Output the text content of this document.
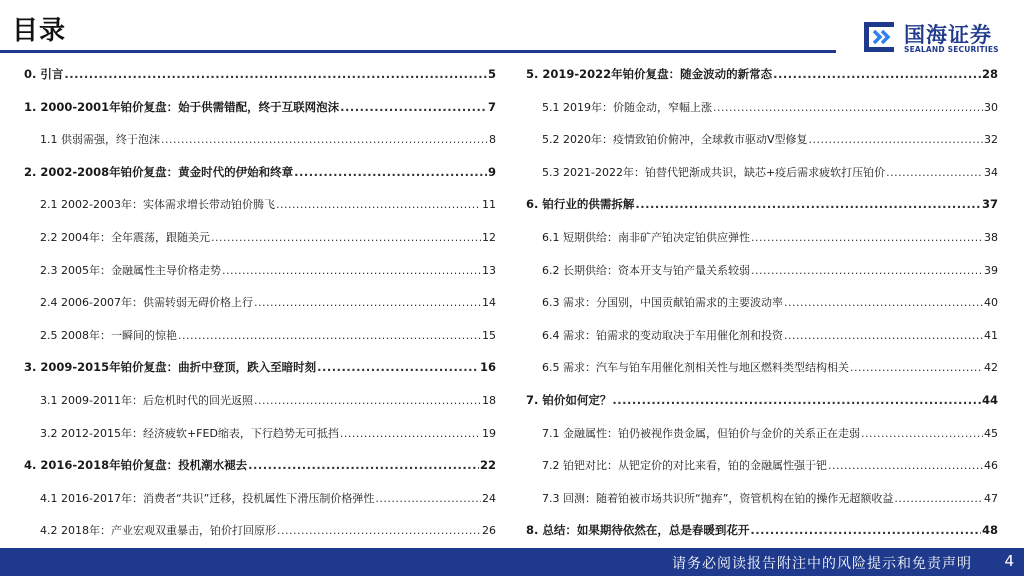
目录	国海证券
SEALAND SECURITIES
0. 引言 .....	5
1. 2000-2001年铂价复盘：始于供需错配，终于互联网泡沫 .....	7
1.1 供弱需强，终于泡沫 .....	8
2. 2002-2008年铂价复盘：黄金时代的伊始和终章 .....	9
2.1 2002-2003年：实体需求增长带动铂价腾飞 .....	11
2.2 2004年：全年震荡，跟随美元 .....	12
2.3 2005年：金融属性主导价格走势 .....	13
2.4 2006-2007年：供需转弱无碍价格上行 .....	14
2.5 2008年：一瞬间的惊艳 .....	15
3. 2009-2015年铂价复盘：曲折中登顶，跌入至暗时刻 .....	16
3.1 2009-2011年：后危机时代的回光返照 .....	18
3.2 2012-2015年：经济疲软+FED缩表，下行趋势无可抵挡 .....	19
4. 2016-2018年铂价复盘：投机潮水褪去 .....	22
4.1 2016-2017年：消费者“共识”迁移，投机属性下滑压制价格弹性 .....	24
4.2 2018年：产业宏观双重暴击，铂价打回原形 .....	26
5. 2019-2022年铂价复盘：随金波动的新常态 .....	28
5.1 2019年：价随金动，窄幅上涨 .....	30
5.2 2020年：疫情致铂价俯冲，全球救市驱动V型修复 .....	32
5.3 2021-2022年：铂替代钯渐成共识，缺芯+疫后需求疲软打压铂价 .....	34
6. 铂行业的供需拆解 .....	37
6.1 短期供给：南非矿产铂决定铂供应弹性 .....	38
6.2 长期供给：资本开支与铂产量关系较弱 .....	39
6.3 需求：分国别，中国贡献铂需求的主要波动率 .....	40
6.4 需求：铂需求的变动取决于车用催化剂和投资 .....	41
6.5 需求：汽车与铂车用催化剂相关性与地区燃料类型结构相关 .....	42
7. 铂价如何定？ .....	44
7.1 金融属性：铂仍被视作贵金属，但铂价与金价的关系正在走弱 .....	45
7.2 铂钯对比：从钯定价的对比来看，铂的金融属性强于钯 .....	46
7.3 回测：随着铂被市场共识所“抛弃”，资管机构在铂的操作无超额收益 .....	47
8. 总结：如果期待依然在，总是春暖到花开 .....	48
.....
请务必阅读报告附注中的风险提示和免责声明 4
